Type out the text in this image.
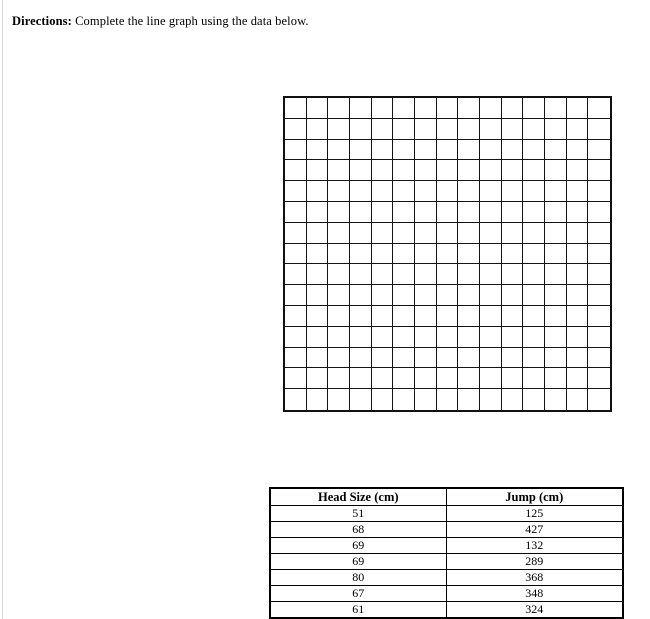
Directions: Complete the line graph using the data below.
Head Size (cm)	Jump (cm)
51	125
68	427
69	132
69	289
80	368
67	348
61	324
